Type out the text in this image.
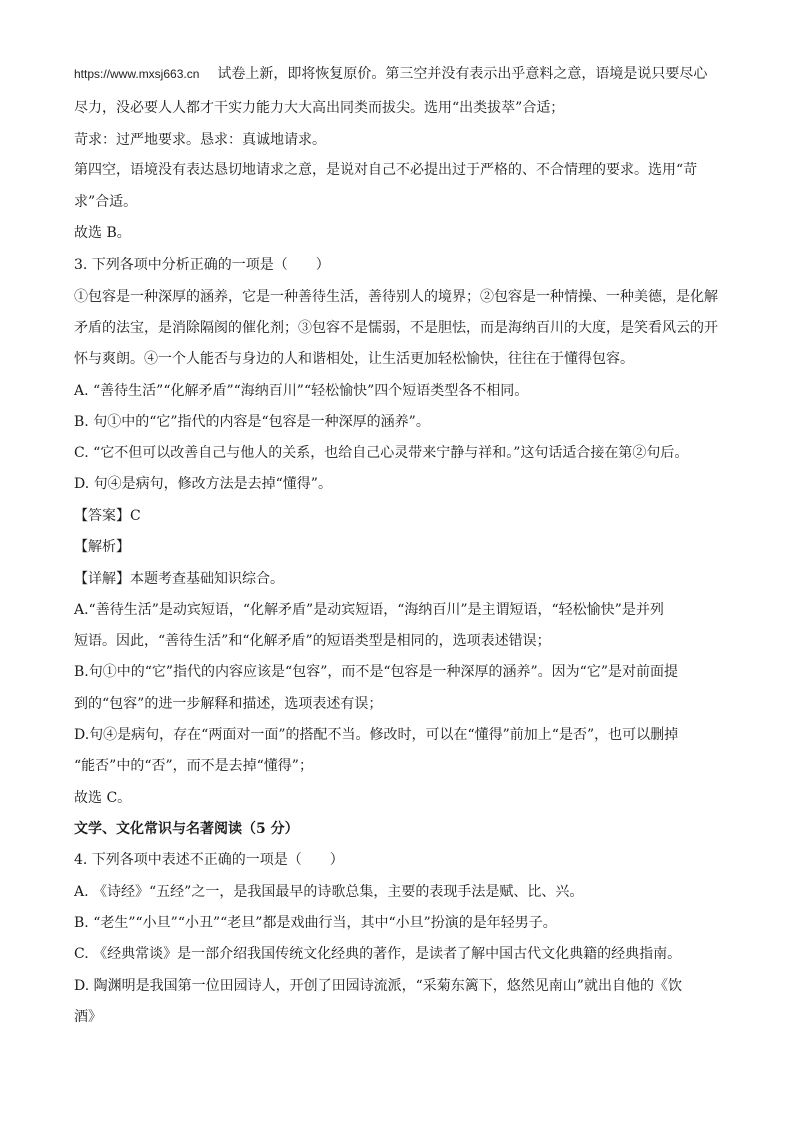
https://www.mxsj663.cn 试卷上新，即将恢复原价。第三空并没有表示出乎意料之意，语境是说只要尽心
尽力，没必要人人都才干实力能力大大高出同类而拔尖。选用“出类拔萃”合适；
苛求：过严地要求。恳求：真诚地请求。
第四空，语境没有表达恳切地请求之意，是说对自己不必提出过于严格的、不合情理的要求。选用“苛
求”合适。
故选 B。
3. 下列各项中分析正确的一项是（　　）
①包容是一种深厚的涵养，它是一种善待生活，善待别人的境界；②包容是一种情操、一种美德，是化解
矛盾的法宝，是消除隔阂的催化剂；③包容不是懦弱，不是胆怯，而是海纳百川的大度，是笑看风云的开
怀与爽朗。④一个人能否与身边的人和谐相处，让生活更加轻松愉快，往往在于懂得包容。
A. “善待生活”“化解矛盾”“海纳百川”“轻松愉快”四个短语类型各不相同。
B. 句①中的“它”指代的内容是“包容是一种深厚的涵养”。
C. “它不但可以改善自己与他人的关系，也给自己心灵带来宁静与祥和。”这句话适合接在第②句后。
D. 句④是病句，修改方法是去掉“懂得”。
【答案】C
【解析】
【详解】本题考查基础知识综合。
A.“善待生活”是动宾短语，“化解矛盾”是动宾短语，“海纳百川”是主谓短语，“轻松愉快”是并列
短语。因此，“善待生活”和“化解矛盾”的短语类型是相同的，选项表述错误；
B.句①中的“它”指代的内容应该是“包容”，而不是“包容是一种深厚的涵养”。因为“它”是对前面提
到的“包容”的进一步解释和描述，选项表述有误；
D.句④是病句，存在“两面对一面”的搭配不当。修改时，可以在“懂得”前加上“是否”，也可以删掉
“能否”中的“否”，而不是去掉“懂得”；
故选 C。
文学、文化常识与名著阅读（5 分）
4. 下列各项中表述不正确的一项是（　　）
A. 《诗经》“五经”之一，是我国最早的诗歌总集，主要的表现手法是赋、比、兴。
B. “老生”“小旦”“小丑”“老旦”都是戏曲行当，其中“小旦”扮演的是年轻男子。
C. 《经典常谈》是一部介绍我国传统文化经典的著作，是读者了解中国古代文化典籍的经典指南。
D. 陶渊明是我国第一位田园诗人，开创了田园诗流派，“采菊东篱下，悠然见南山”就出自他的《饮
酒》
